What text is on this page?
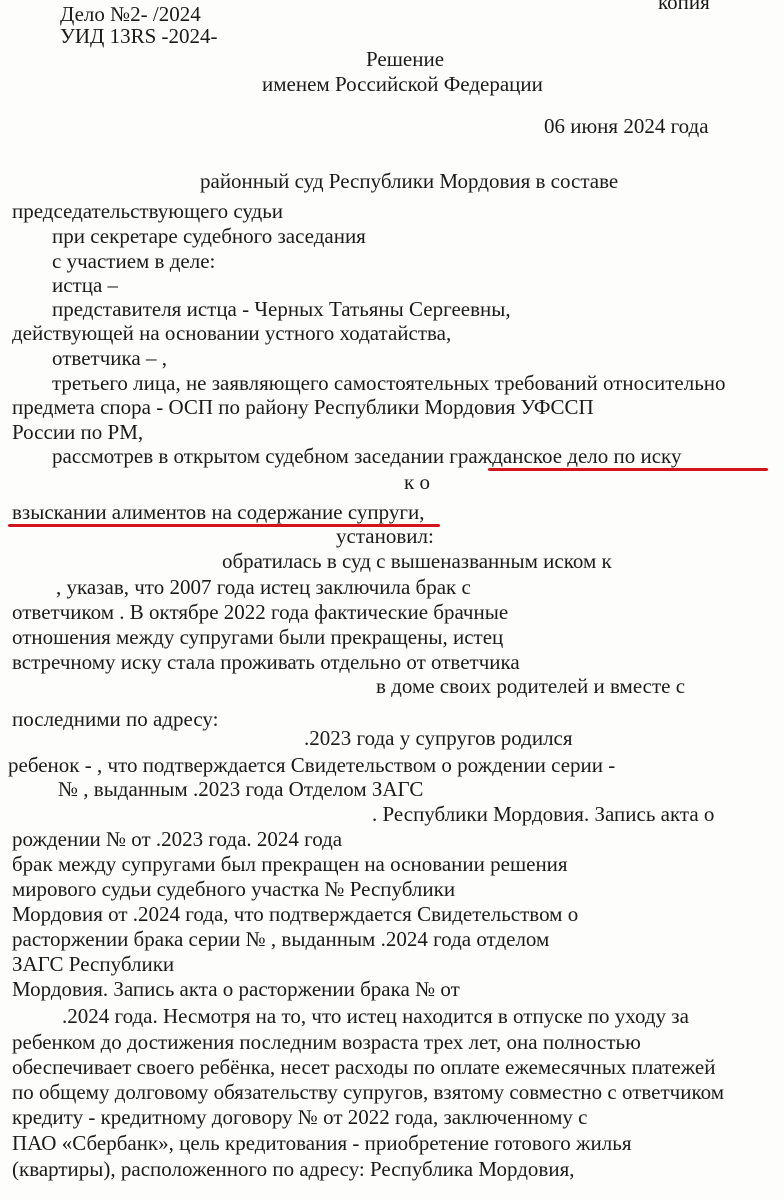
Дело №2- /2024
УИД 13RS -2024-
копия
Решение
именем Российской Федерации
06 июня 2024 года
районный суд Республики Мордовия в составе
председательствующего судьи
при секретаре судебного заседания
с участием в деле:
истца –
представителя истца - Черных Татьяны Сергеевны,
действующей на основании устного ходатайства,
ответчика – ,
третьего лица, не заявляющего самостоятельных требований относительно
предмета спора - ОСП по району Республики Мордовия УФССП
России по РМ,
рассмотрев в открытом судебном заседании гражданское дело по иску
к о
взыскании алиментов на содержание супруги,
установил:
обратилась в суд с вышеназванным иском к
, указав, что 2007 года истец заключила брак с
ответчиком . В октябре 2022 года фактические брачные
отношения между супругами были прекращены, истец
встречному иску стала проживать отдельно от ответчика
в доме своих родителей и вместе с
последними по адресу:
.2023 года у супругов родился
ребенок - , что подтверждается Свидетельством о рождении серии -
№ , выданным .2023 года Отделом ЗАГС
. Республики Мордовия. Запись акта о
рождении № от .2023 года. 2024 года
брак между супругами был прекращен на основании решения
мирового судьи судебного участка № Республики
Мордовия от .2024 года, что подтверждается Свидетельством о
расторжении брака серии № , выданным .2024 года отделом
ЗАГС Республики
Мордовия. Запись акта о расторжении брака № от
.2024 года. Несмотря на то, что истец находится в отпуске по уходу за
ребенком до достижения последним возраста трех лет, она полностью
обеспечивает своего ребёнка, несет расходы по оплате ежемесячных платежей
по общему долговому обязательству супругов, взятому совместно с ответчиком
кредиту - кредитному договору № от 2022 года, заключенному с
ПАО «Сбербанк», цель кредитования - приобретение готового жилья
(квартиры), расположенного по адресу: Республика Мордовия,
